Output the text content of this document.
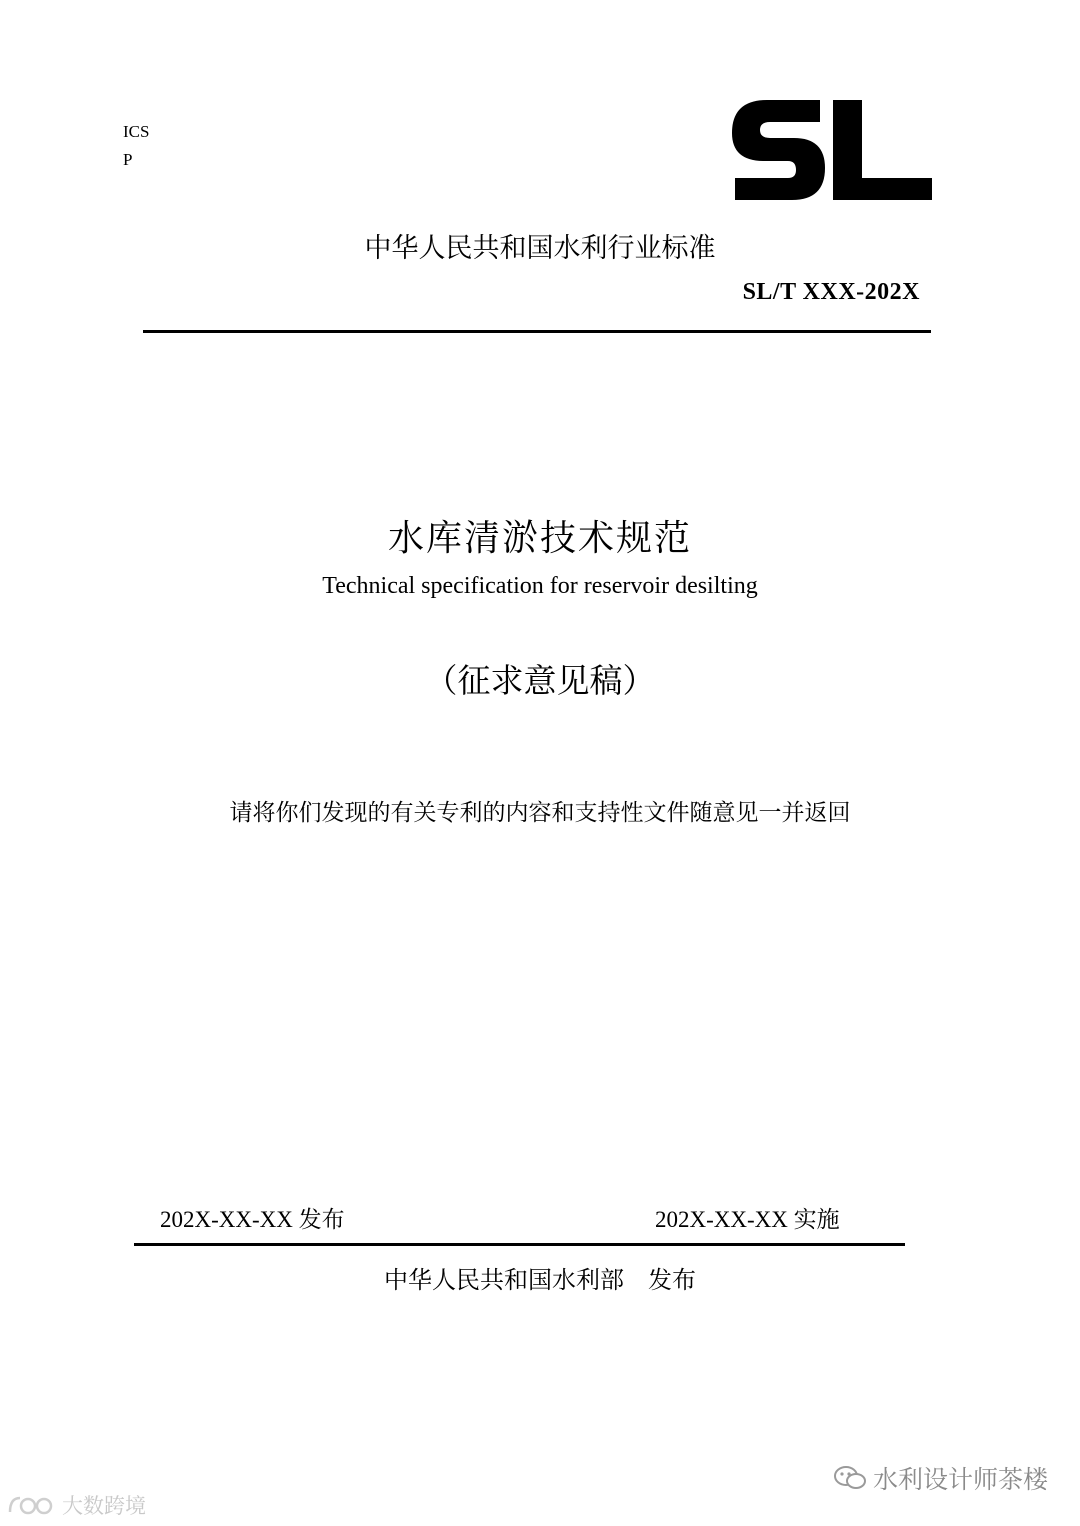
ICS
P
中华人民共和国水利行业标准
SL/T XXX-202X
水库清淤技术规范
Technical specification for reservoir desilting
（征求意见稿）
请将你们发现的有关专利的内容和支持性文件随意见一并返回
202X-XX-XX 发布	202X-XX-XX 实施
中华人民共和国水利部　发布
水利设计师茶楼
大数跨境
